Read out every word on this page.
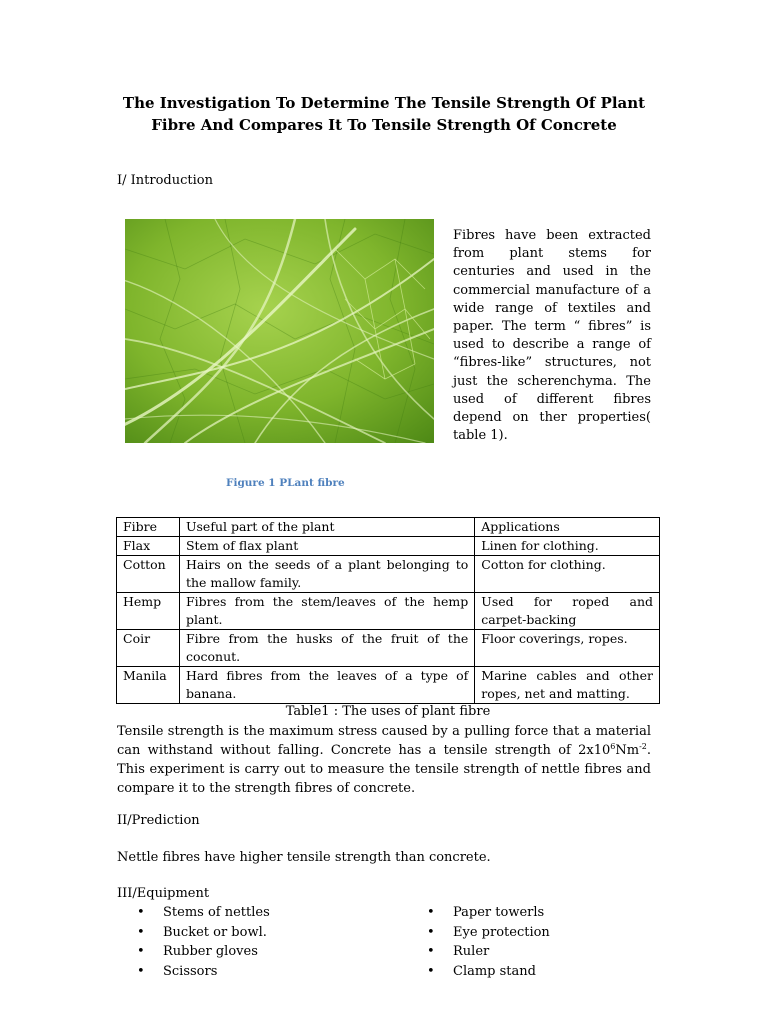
The Investigation To Determine The Tensile Strength Of Plant
Fibre And Compares It To Tensile Strength Of Concrete
I/ Introduction
Fibres have been extracted from plant stems for centuries and used in the commercial manufacture of a wide range of textiles and paper. The term “ fibres” is used to describe a range of “fibres-like” structures, not just the scherenchyma. The used of different fibres depend on ther properties( table 1).
Figure 1 PLant fibre
Fibre	Useful part of the plant	Applications
Flax	Stem of flax plant	Linen for clothing.
Cotton	Hairs on the seeds of a plant belonging to the mallow family.	Cotton for clothing.
Hemp	Fibres from the stem/leaves of the hemp plant.	Used for roped and carpet-backing
Coir	Fibre from the husks of the fruit of the coconut.	Floor coverings, ropes.
Manila	Hard fibres from the leaves of a type of banana.	Marine cables and other ropes, net and matting.
Table1 : The uses of plant fibre
Tensile strength is the maximum stress caused by a pulling force that a material can withstand without falling. Concrete has a tensile strength of $2x10^6Nm^{-2}$. This experiment is carry out to measure the tensile strength of nettle fibres and compare it to the strength fibres of concrete.
II/Prediction
Nettle fibres have higher tensile strength than concrete.
III/Equipment
• Stems of nettles
• Bucket or bowl.
• Rubber gloves
• Scissors
• Paper towerls
• Eye protection
• Ruler
• Clamp stand
